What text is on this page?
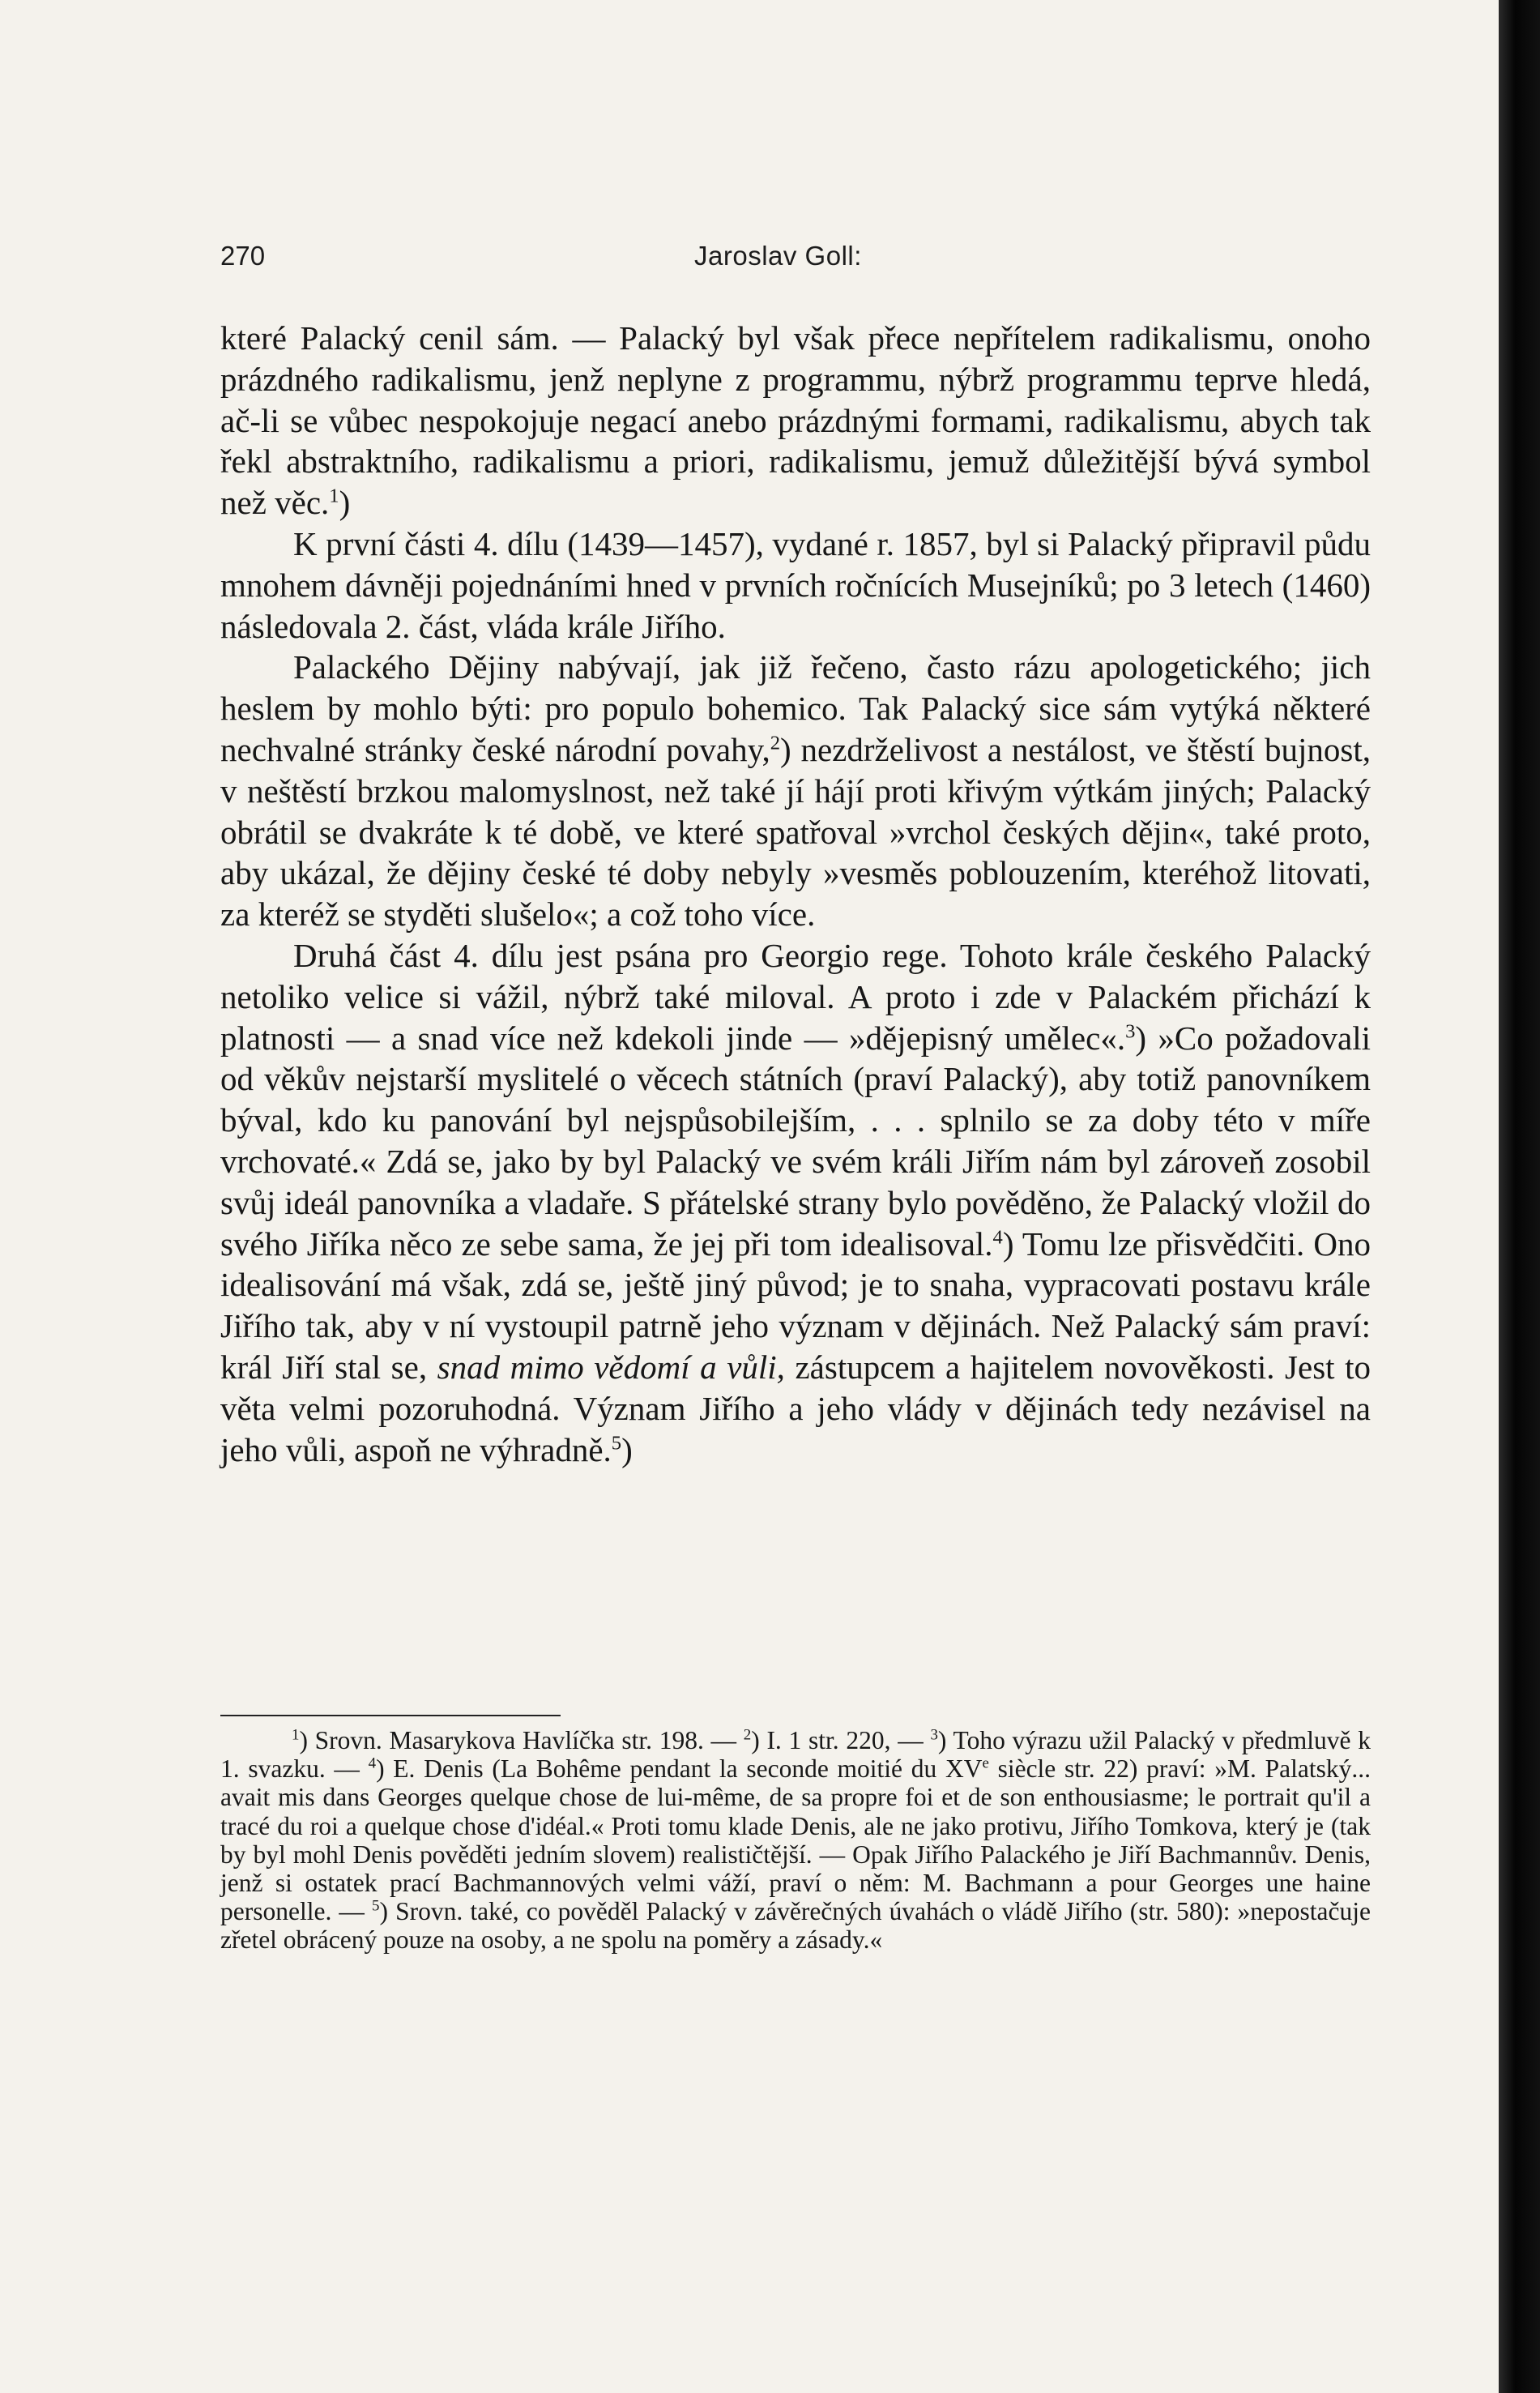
270	Jaroslav Goll:

které Palacký cenil sám. — Palacký byl však přece nepřítelem radikalismu, onoho prázdného radikalismu, jenž neplyne z programmu, nýbrž programmu teprve hledá, ač-li se vůbec nespokojuje negací anebo prázdnými formami, radikalismu, abych tak řekl abstraktního, radikalismu a priori, radikalismu, jemuž důležitější bývá symbol než věc.$^1$)

K první části 4. dílu (1439—1457), vydané r. 1857, byl si Palacký připravil půdu mnohem dávněji pojednáními hned v prvních ročnících Musejníků; po 3 letech (1460) následovala 2. část, vláda krále Jiřího.

Palackého Dějiny nabývají, jak již řečeno, často rázu apologetického; jich heslem by mohlo býti: pro populo bohemico. Tak Palacký sice sám vytýká některé nechvalné stránky české národní povahy,$^2$) nezdrželivost a nestálost, ve štěstí bujnost, v neštěstí brzkou malomyslnost, než také jí hájí proti křivým výtkám jiných; Palacký obrátil se dvakráte k té době, ve které spatřoval »vrchol českých dějin«, také proto, aby ukázal, že dějiny české té doby nebyly »vesměs poblouzením, kteréhož litovati, za kteréž se styděti slušelo«; a což toho více.

Druhá část 4. dílu jest psána pro Georgio rege. Tohoto krále českého Palacký netoliko velice si vážil, nýbrž také miloval. A proto i zde v Palackém přichází k platnosti — a snad více než kdekoli jinde — »dějepisný umělec«.$^3$) »Co požadovali od věkův nejstarší myslitelé o věcech státních (praví Palacký), aby totiž panovníkem býval, kdo ku panování byl nejspůsobilejším, . . . splnilo se za doby této v míře vrchovaté.« Zdá se, jako by byl Palacký ve svém králi Jiřím nám byl zároveň zosobil svůj ideál panovníka a vladaře. S přátelské strany bylo pověděno, že Palacký vložil do svého Jiříka něco ze sebe sama, že jej při tom idealisoval.$^4$) Tomu lze přisvědčiti. Ono idealisování má však, zdá se, ještě jiný původ; je to snaha, vypracovati postavu krále Jiřího tak, aby v ní vystoupil patrně jeho význam v dějinách. Než Palacký sám praví: král Jiří stal se, snad mimo vědomí a vůli, zástupcem a hajitelem novověkosti. Jest to věta velmi pozoruhodná. Význam Jiřího a jeho vlády v dějinách tedy nezávisel na jeho vůli, aspoň ne výhradně.$^5$)

$^1$) Srovn. Masarykova Havlíčka str. 198. — $^2$) I. 1 str. 220, — $^3$) Toho výrazu užil Palacký v předmluvě k 1. svazku. — $^4$) E. Denis (La Bohême pendant la seconde moitié du XVe siècle str. 22) praví: »M. Palatský... avait mis dans Georges quelque chose de lui-même, de sa propre foi et de son enthousiasme; le portrait qu'il a tracé du roi a quelque chose d'idéal.« Proti tomu klade Denis, ale ne jako protivu, Jiřího Tomkova, který je (tak by byl mohl Denis pověděti jedním slovem) realističtější. — Opak Jiřího Palackého je Jiří Bachmannův. Denis, jenž si ostatek prací Bachmannových velmi váží, praví o něm: M. Bachmann a pour Georges une haine personelle. — $^5$) Srovn. také, co pověděl Palacký v závěrečných úvahách o vládě Jiřího (str. 580): »nepostačuje zřetel obrácený pouze na osoby, a ne spolu na poměry a zásady.«
